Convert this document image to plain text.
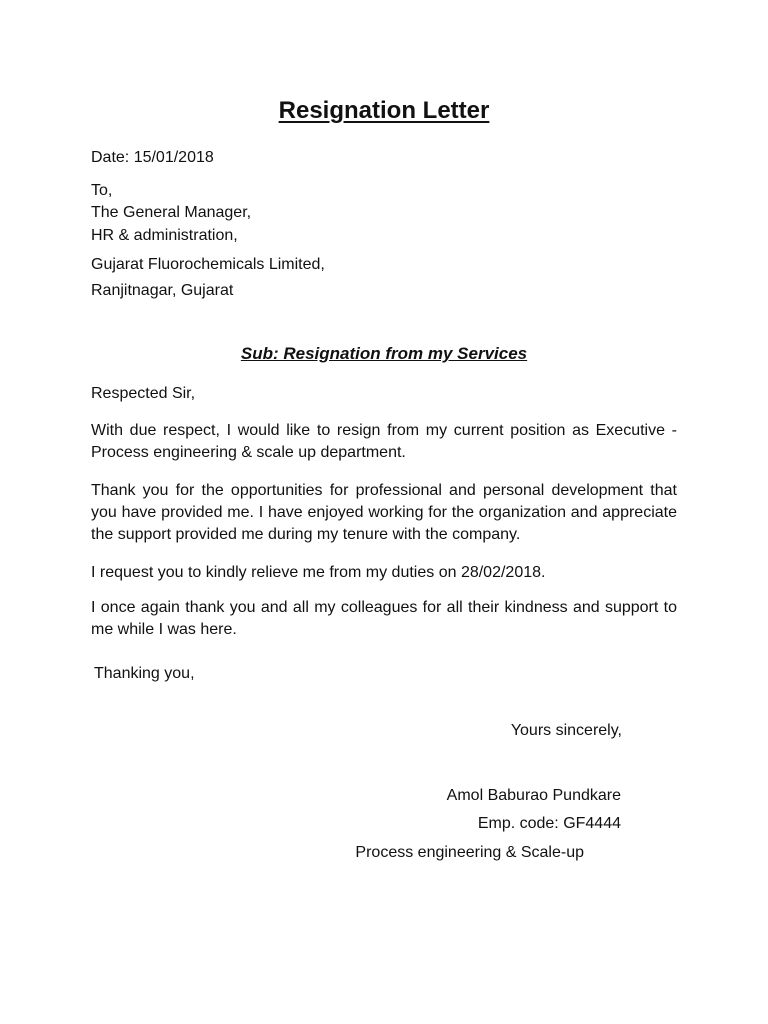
Resignation Letter
Date: 15/01/2018
To,
The General Manager,
HR & administration,
Gujarat Fluorochemicals Limited,
Ranjitnagar, Gujarat
Sub: Resignation from my Services
Respected Sir,
With due respect, I would like to resign from my current position as Executive - Process engineering & scale up department.
Thank you for the opportunities for professional and personal development that you have provided me. I have enjoyed working for the organization and appreciate the support provided me during my tenure with the company.
I request you to kindly relieve me from my duties on 28/02/2018.
I once again thank you and all my colleagues for all their kindness and support to me while I was here.
Thanking you,
Yours sincerely,
Amol Baburao Pundkare
Emp. code: GF4444
Process engineering & Scale-up
